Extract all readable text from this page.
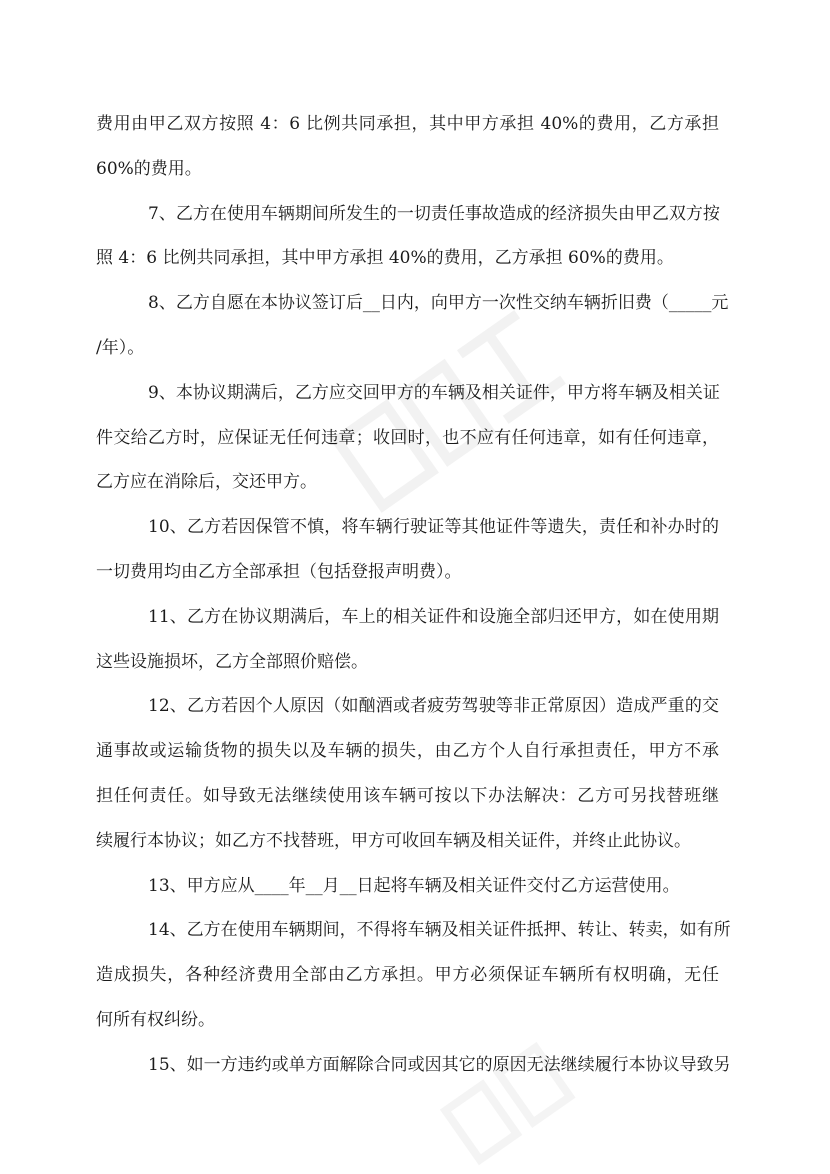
费用由甲乙双方按照 4：6 比例共同承担，其中甲方承担 40%的费用，乙方承担
60%的费用。
7、乙方在使用车辆期间所发生的一切责任事故造成的经济损失由甲乙双方按
照 4：6 比例共同承担，其中甲方承担 40%的费用，乙方承担 60%的费用。
8、乙方自愿在本协议签订后__日内，向甲方一次性交纳车辆折旧费（_____元
/年）。
9、本协议期满后，乙方应交回甲方的车辆及相关证件，甲方将车辆及相关证
件交给乙方时，应保证无任何违章；收回时，也不应有任何违章，如有任何违章，
乙方应在消除后，交还甲方。
10、乙方若因保管不慎，将车辆行驶证等其他证件等遗失，责任和补办时的
一切费用均由乙方全部承担（包括登报声明费）。
11、乙方在协议期满后，车上的相关证件和设施全部归还甲方，如在使用期
这些设施损坏，乙方全部照价赔偿。
12、乙方若因个人原因（如酗酒或者疲劳驾驶等非正常原因）造成严重的交
通事故或运输货物的损失以及车辆的损失，由乙方个人自行承担责任，甲方不承
担任何责任。如导致无法继续使用该车辆可按以下办法解决：乙方可另找替班继
续履行本协议；如乙方不找替班，甲方可收回车辆及相关证件，并终止此协议。
13、甲方应从____年__月__日起将车辆及相关证件交付乙方运营使用。
14、乙方在使用车辆期间，不得将车辆及相关证件抵押、转让、转卖，如有所
造成损失，各种经济费用全部由乙方承担。甲方必须保证车辆所有权明确，无任
何所有权纠纷。
15、如一方违约或单方面解除合同或因其它的原因无法继续履行本协议导致另
